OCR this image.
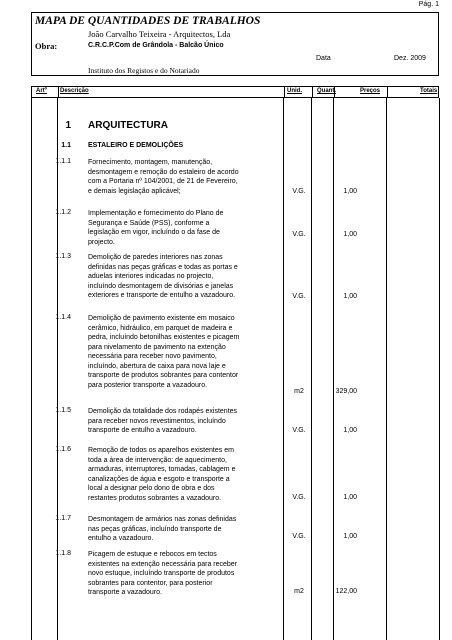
Pág. 1
MAPA DE QUANTIDADES DE TRABALHOS
João Carvalho Teixeira - Arquitectos, Lda
Obra:	C.R.C.P.Com de Grândola - Balcão Único
Data	Dez. 2009
Instituto dos Registos e do Notariado
Artº Descrição	Unid.	Quant.	Preços	Totais
1 ARQUITECTURA
1.1 ESTALEIRO E DEMOLIÇÕES
1.1.1 Fornecimento, montagem, manutenção,
desmontagem e remoção do estaleiro de acordo
com a Portaria nº 104/2001, de 21 de Fevereiro,
e demais legislação aplicável;	V.G.	1,00
1.1.2 Implementação e fornecimento do Plano de
Segurança e Saúde (PSS), conforme a
legislação em vigor, incluíndo o da fase de
projecto.
V.G.	1,00
1.1.3 Demolição de paredes interiores nas zonas
definidas nas peças gráficas e todas as portas e
aduelas interiores indicadas no projecto,
incluíndo desmontagem de divisórias e janelas
exteriores e transporte de entulho a vazadouro.	V.G.	1,00
1.1.4 Demolição de pavimento existente em mosaico
cerâmico, hidráulico, em parquet de madeira e
pedra, incluíndo betonilhas existentes e picagem
para nivelamento de pavimento na extenção
necessária para receber novo pavimento,
incluíndo, abertura de caixa para nova laje e
transporte de produtos sobrantes para contentor
para posterior transporte a vazadouro.
m2	329,00
1.1.5 Demolição da totalidade dos rodapés existentes
para receber novos revestimentos, incluíndo
transporte de entulho a vazadouro.	V.G.	1,00
1.1.6 Remoção de todos os aparelhos existentes em
toda a área de intervenção: de aquecimento,
armaduras, interruptores, tomadas, cablagem e
canalizações de água e esgoto e transporte a
local a designar pelo dono de obra e dos
restantes produtos sobrantes a vazadouro.	V.G.	1,00
1.1.7 Desmontagem de armários nas zonas definidas
nas peças gráficas, incluíndo transporte de
entulho a vazadouro.	V.G.	1,00
1.1.8 Picagem de estuque e rebocos em tectos
existentes na extenção necessária para receber
novo estuque, incluíndo transporte de produtos
sobrantes para contentor, para posterior
transporte a vazadouro.	m2	122,00
